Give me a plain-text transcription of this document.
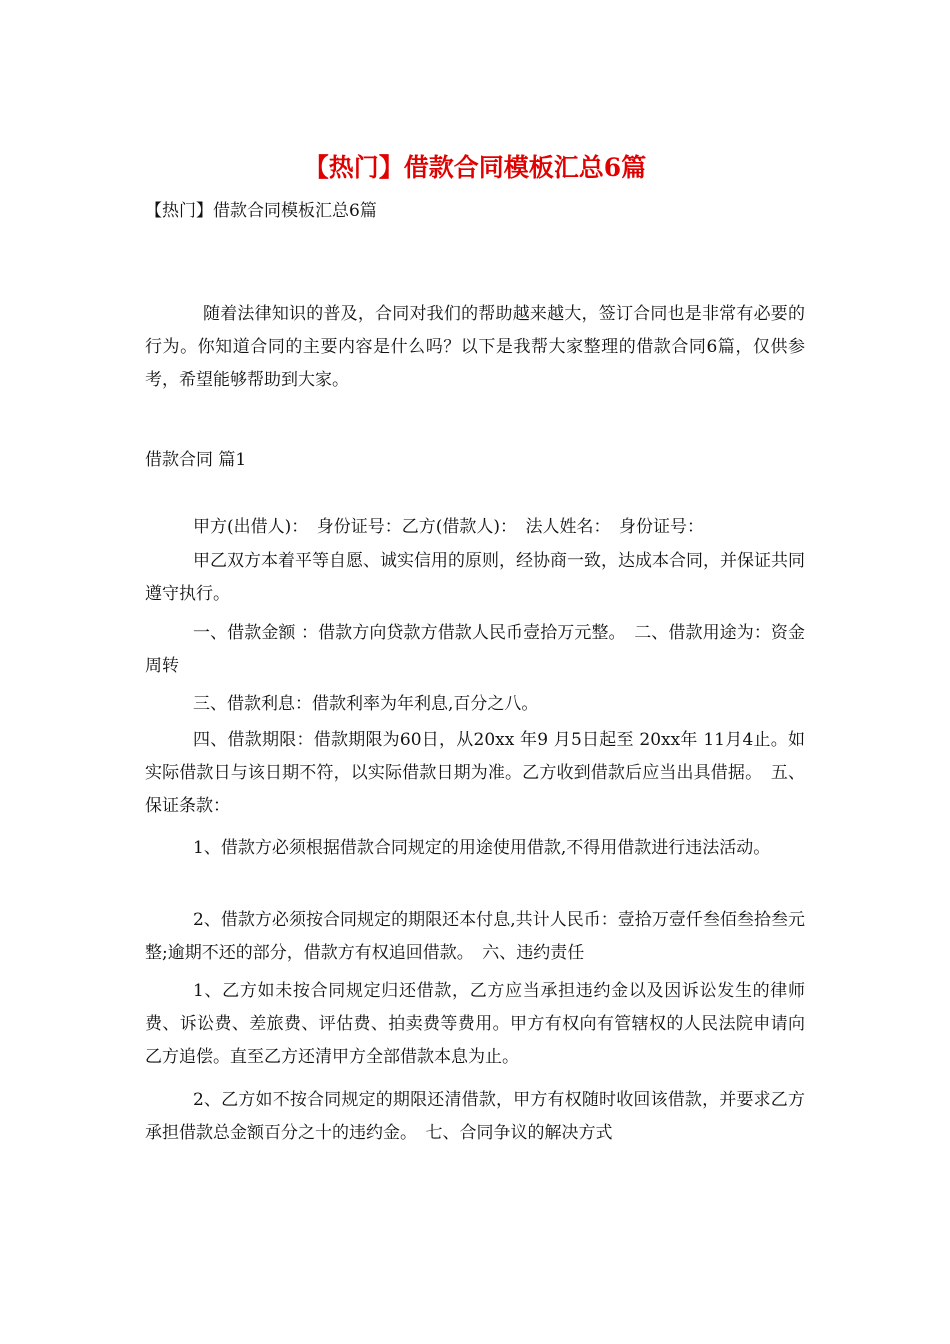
【热门】借款合同模板汇总6篇
【热门】借款合同模板汇总6篇
随着法律知识的普及，合同对我们的帮助越来越大，签订合同也是非常有必要的行为。你知道合同的主要内容是什么吗？以下是我帮大家整理的借款合同6篇，仅供参考，希望能够帮助到大家。
借款合同 篇1
甲方(出借人)：　身份证号：乙方(借款人)：　法人姓名：　身份证号：
甲乙双方本着平等自愿、诚实信用的原则，经协商一致，达成本合同，并保证共同遵守执行。
一、借款金额 ：借款方向贷款方借款人民币壹拾万元整。　二、借款用途为：资金周转
三、借款利息：借款利率为年利息,百分之八。
四、借款期限：借款期限为60日，从20xx 年9 月5日起至 20xx年 11月4止。如实际借款日与该日期不符，以实际借款日期为准。乙方收到借款后应当出具借据。　五、保证条款：
1、借款方必须根据借款合同规定的用途使用借款,不得用借款进行违法活动。
2、借款方必须按合同规定的期限还本付息,共计人民币：壹拾万壹仟叁佰叁拾叁元整;逾期不还的部分，借款方有权追回借款。　六、违约责任
1、乙方如未按合同规定归还借款，乙方应当承担违约金以及因诉讼发生的律师费、诉讼费、差旅费、评估费、拍卖费等费用。甲方有权向有管辖权的人民法院申请向乙方追偿。直至乙方还清甲方全部借款本息为止。
2、乙方如不按合同规定的期限还清借款，甲方有权随时收回该借款，并要求乙方承担借款总金额百分之十的违约金。　七、合同争议的解决方式
